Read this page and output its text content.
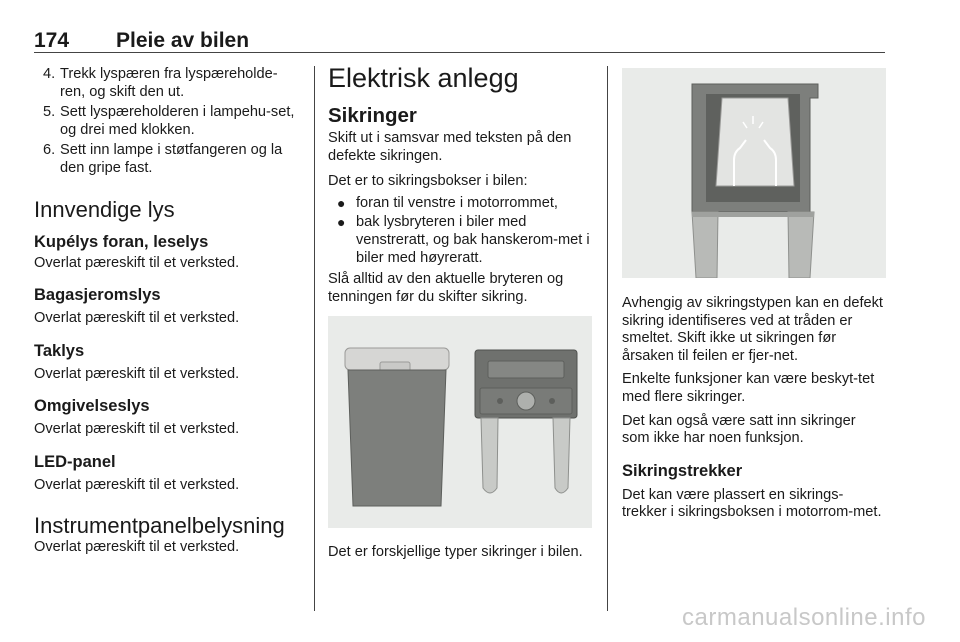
174 Pleie av bilen
4. Trekk lyspæren fra lyspæreholde-ren, og skift den ut.
5. Sett lyspæreholderen i lampehu-set, og drei med klokken.
6. Sett inn lampe i støtfangeren og la den gripe fast.
Innvendige lys
Kupélys foran, leselys

Overlat pæreskift til et verksted.

Bagasjeromslys

Overlat pæreskift til et verksted.

Taklys

Overlat pæreskift til et verksted.

Omgivelseslys

Overlat pæreskift til et verksted.

LED-panel

Overlat pæreskift til et verksted.

Instrumentpanelbelysning

Overlat pæreskift til et verksted.

Elektrisk anlegg
Sikringer

Skift ut i samsvar med teksten på den defekte sikringen.

Det er to sikringsbokser i bilen:

● foran til venstre i motorrommet,
● bak lysbryteren i biler med venstreratt, og bak hanskerom-met i biler med høyreratt.

Slå alltid av den aktuelle bryteren og tenningen før du skifter sikring.

Det er forskjellige typer sikringer i bilen.

Avhengig av sikringstypen kan en defekt sikring identifiseres ved at tråden er smeltet. Skift ikke ut sikringen før årsaken til feilen er fjer-net.

Enkelte funksjoner kan være beskyt-tet med flere sikringer.

Det kan også være satt inn sikringer som ikke har noen funksjon.

Sikringstrekker

Det kan være plassert en sikrings-trekker i sikringsboksen i motorrom-met.

carmanualsonline.info
